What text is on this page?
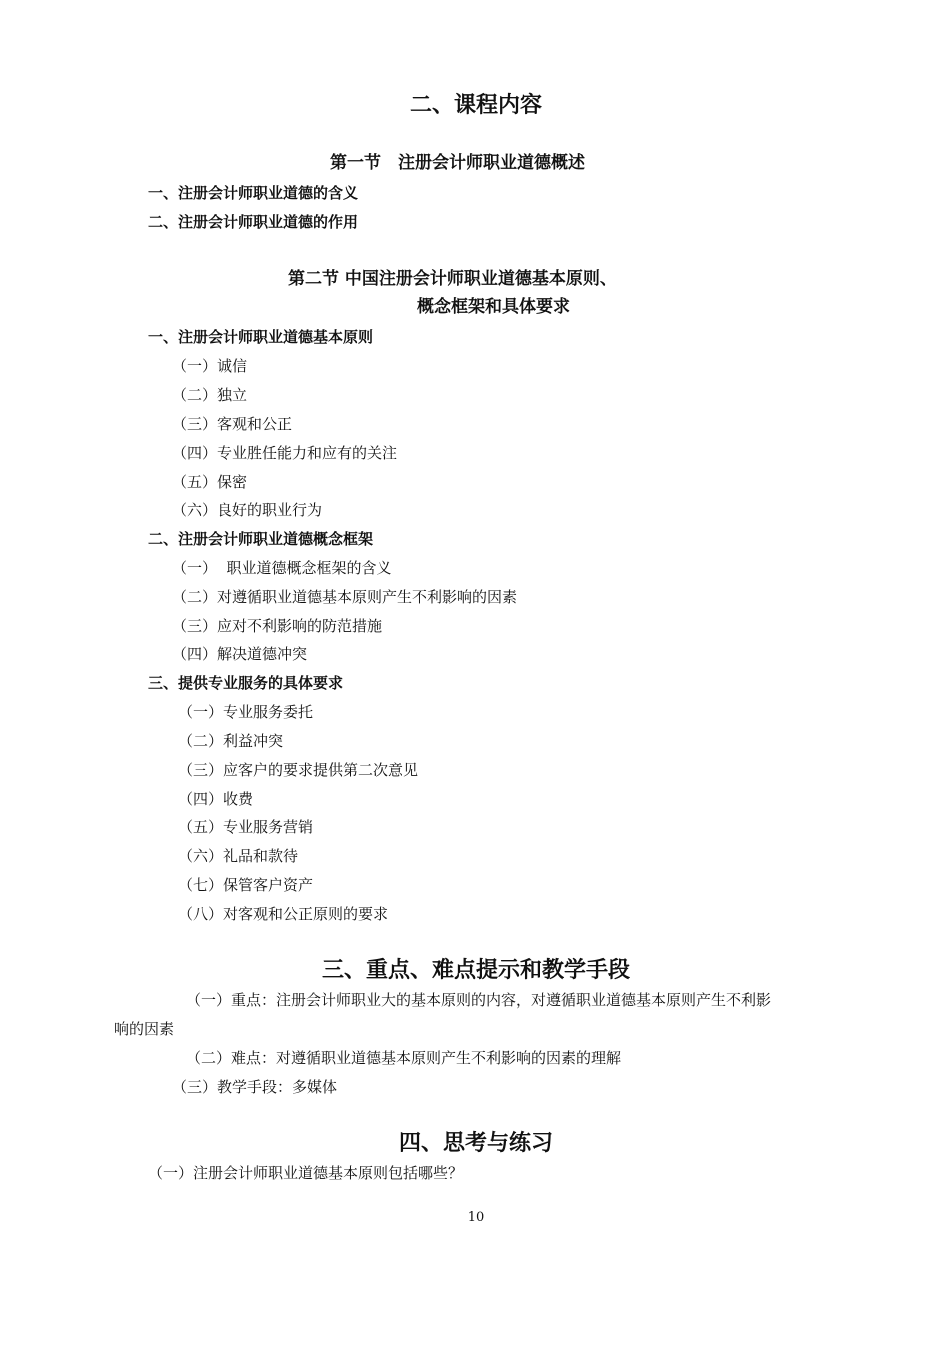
二、课程内容
第一节　注册会计师职业道德概述
一、注册会计师职业道德的含义
二、注册会计师职业道德的作用
第二节 中国注册会计师职业道德基本原则、
概念框架和具体要求
一、注册会计师职业道德基本原则
（一）诚信
（二）独立
（三）客观和公正
（四）专业胜任能力和应有的关注
（五）保密
（六）良好的职业行为
二、注册会计师职业道德概念框架
（一）  职业道德概念框架的含义
（二）对遵循职业道德基本原则产生不利影响的因素
（三）应对不利影响的防范措施
（四）解决道德冲突
三、提供专业服务的具体要求
（一）专业服务委托
（二）利益冲突
（三）应客户的要求提供第二次意见
（四）收费
（五）专业服务营销
（六）礼品和款待
（七）保管客户资产
（八）对客观和公正原则的要求
三、重点、难点提示和教学手段
（一）重点：注册会计师职业大的基本原则的内容，对遵循职业道德基本原则产生不利影
响的因素
（二）难点：对遵循职业道德基本原则产生不利影响的因素的理解
（三）教学手段：多媒体
四、思考与练习
（一）注册会计师职业道德基本原则包括哪些？
10
